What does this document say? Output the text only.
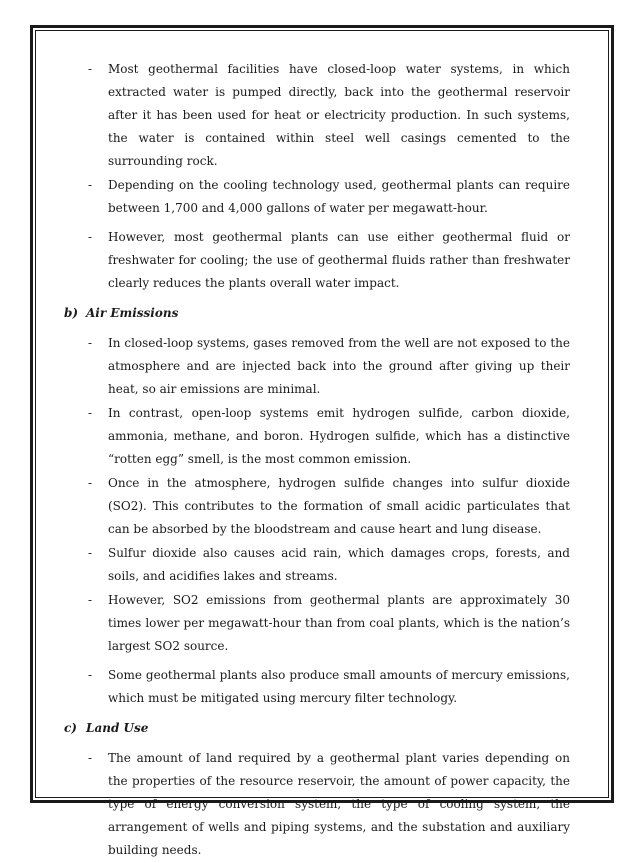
- Most geothermal facilities have closed-loop water systems, in which extracted water is pumped directly, back into the geothermal reservoir after it has been used for heat or electricity production. In such systems, the water is contained within steel well casings cemented to the surrounding rock.
- Depending on the cooling technology used, geothermal plants can require between 1,700 and 4,000 gallons of water per megawatt-hour.
- However, most geothermal plants can use either geothermal fluid or freshwater for cooling; the use of geothermal fluids rather than freshwater clearly reduces the plants overall water impact.
b) Air Emissions
- In closed-loop systems, gases removed from the well are not exposed to the atmosphere and are injected back into the ground after giving up their heat, so air emissions are minimal.
- In contrast, open-loop systems emit hydrogen sulfide, carbon dioxide, ammonia, methane, and boron. Hydrogen sulfide, which has a distinctive “rotten egg” smell, is the most common emission.
- Once in the atmosphere, hydrogen sulfide changes into sulfur dioxide (SO2). This contributes to the formation of small acidic particulates that can be absorbed by the bloodstream and cause heart and lung disease.
- Sulfur dioxide also causes acid rain, which damages crops, forests, and soils, and acidifies lakes and streams.
- However, SO2 emissions from geothermal plants are approximately 30 times lower per megawatt-hour than from coal plants, which is the nation’s largest SO2 source.
- Some geothermal plants also produce small amounts of mercury emissions, which must be mitigated using mercury filter technology.
c) Land Use
- The amount of land required by a geothermal plant varies depending on the properties of the resource reservoir, the amount of power capacity, the type of energy conversion system, the type of cooling system, the arrangement of wells and piping systems, and the substation and auxiliary building needs.
